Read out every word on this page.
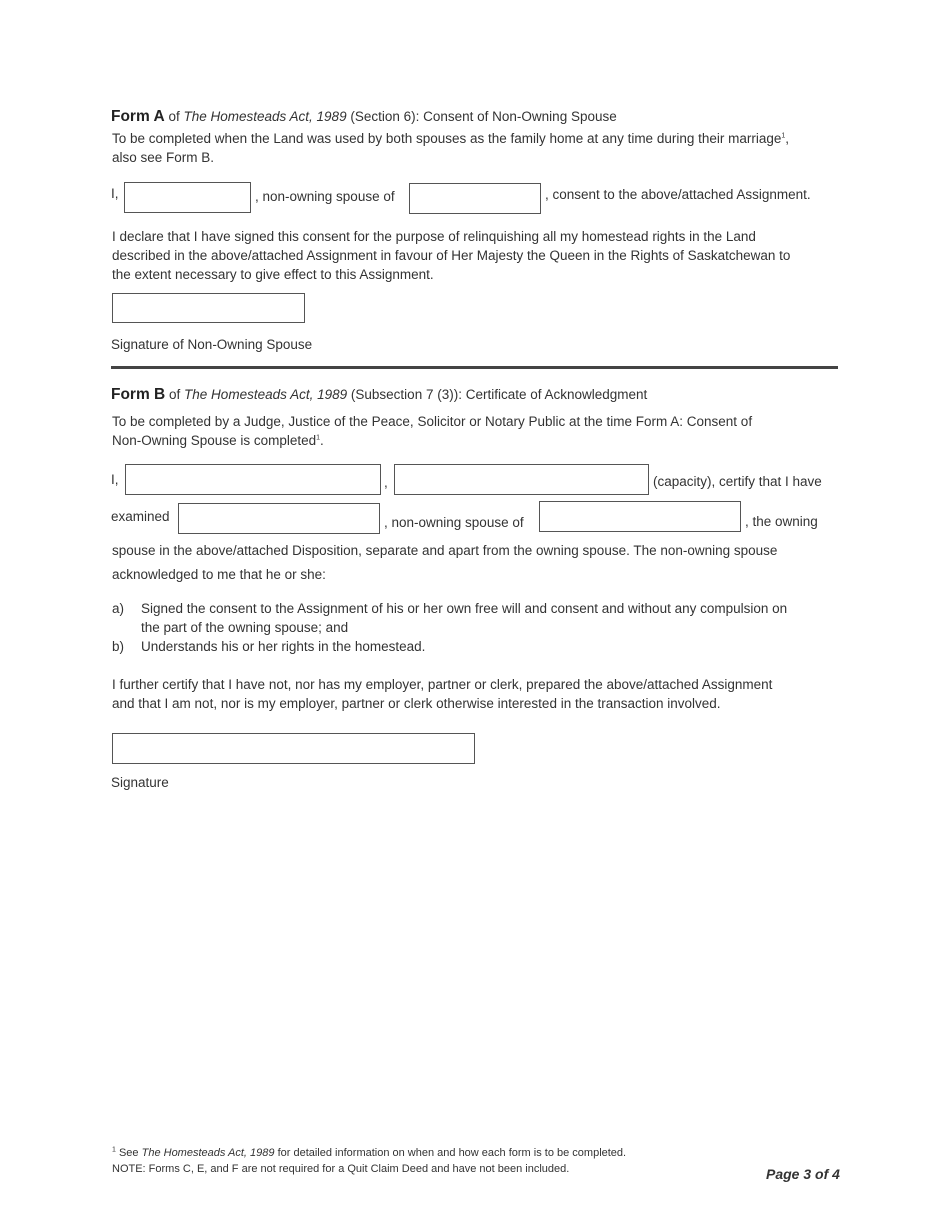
Form A of The Homesteads Act, 1989 (Section 6): Consent of Non-Owning Spouse
To be completed when the Land was used by both spouses as the family home at any time during their marriage$^1$,
also see Form B.
I,	, non-owning spouse of	, consent to the above/attached Assignment.
I declare that I have signed this consent for the purpose of relinquishing all my homestead rights in the Land
described in the above/attached Assignment in favour of Her Majesty the Queen in the Rights of Saskatchewan to
the extent necessary to give effect to this Assignment.
Signature of Non-Owning Spouse
Form B of The Homesteads Act, 1989 (Subsection 7 (3)): Certificate of Acknowledgment
To be completed by a Judge, Justice of the Peace, Solicitor or Notary Public at the time Form A: Consent of
Non-Owning Spouse is completed$^1$.
I,	,	(capacity), certify that I have
examined	, non-owning spouse of	, the owning
spouse in the above/attached Disposition, separate and apart from the owning spouse. The non-owning spouse
acknowledged to me that he or she:
a) Signed the consent to the Assignment of his or her own free will and consent and without any compulsion on
the part of the owning spouse; and
b) Understands his or her rights in the homestead.
I further certify that I have not, nor has my employer, partner or clerk, prepared the above/attached Assignment
and that I am not, nor is my employer, partner or clerk otherwise interested in the transaction involved.
Signature
$^1$ See The Homesteads Act, 1989 for detailed information on when and how each form is to be completed.
NOTE: Forms C, E, and F are not required for a Quit Claim Deed and have not been included.	Page 3 of 4
